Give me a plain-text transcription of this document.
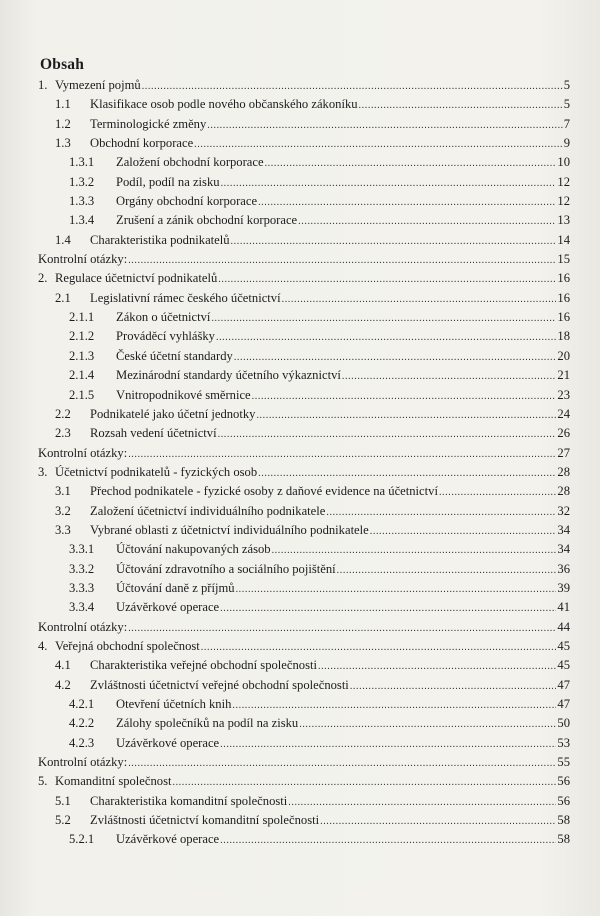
Obsah
1. Vymezení pojmů .....	5
1.1 Klasifikace osob podle nového občanského zákoníku .....	5
1.2 Terminologické změny .....	7
1.3 Obchodní korporace .....	9
1.3.1 Založení obchodní korporace .....	10
1.3.2 Podíl, podíl na zisku .....	12
1.3.3 Orgány obchodní korporace .....	12
1.3.4 Zrušení a zánik obchodní korporace .....	13
1.4 Charakteristika podnikatelů .....	14
Kontrolní otázky: .....	15
2. Regulace účetnictví podnikatelů .....	16
2.1 Legislativní rámec českého účetnictví .....	16
2.1.1 Zákon o účetnictví .....	16
2.1.2 Prováděcí vyhlášky .....	18
2.1.3 České účetní standardy .....	20
2.1.4 Mezinárodní standardy účetního výkaznictví .....	21
2.1.5 Vnitropodnikové směrnice .....	23
2.2 Podnikatelé jako účetní jednotky .....	24
2.3 Rozsah vedení účetnictví .....	26
Kontrolní otázky: .....	27
3. Účetnictví podnikatelů - fyzických osob .....	28
3.1 Přechod podnikatele - fyzické osoby z daňové evidence na účetnictví .....	28
3.2 Založení účetnictví individuálního podnikatele .....	32
3.3 Vybrané oblasti z účetnictví individuálního podnikatele .....	34
3.3.1 Účtování nakupovaných zásob .....	34
3.3.2 Účtování zdravotního a sociálního pojištění .....	36
3.3.3 Účtování daně z příjmů .....	39
3.3.4 Uzávěrkové operace .....	41
Kontrolní otázky: .....	44
4. Veřejná obchodní společnost .....	45
4.1 Charakteristika veřejné obchodní společnosti .....	45
4.2 Zvláštnosti účetnictví veřejné obchodní společnosti .....	47
4.2.1 Otevření účetních knih .....	47
4.2.2 Zálohy společníků na podíl na zisku .....	50
4.2.3 Uzávěrkové operace .....	53
Kontrolní otázky: .....	55
5. Komanditní společnost .....	56
5.1 Charakteristika komanditní společnosti .....	56
5.2 Zvláštnosti účetnictví komanditní společnosti .....	58
5.2.1 Uzávěrkové operace .....	58
